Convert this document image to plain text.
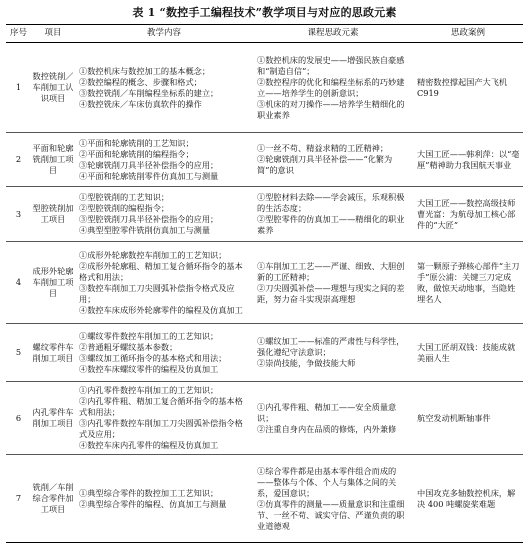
表 1 “数控手工编程技术”教学项目与对应的思政元素
序号	项目	教学内容	课程思政元素	思政案例
1	数控铣削／车削加工认识项目	①数控机床与数控加工的基本概念；
②数控编程的概念、步骤和格式；
③数控铣削／车削编程坐标系的建立；
④数控铣床／车床仿真软件的操作	①数控机床的发展史——增强民族自豪感和“制造自信”；
②数控程序的优化和编程坐标系的巧妙建立——培养学生的创新意识；
③机床的对刀操作——培养学生精细化的职业素养	精密数控撑起国产大飞机 C919
2	平面和轮廓铣削加工项目	①平面和轮廓铣削的工艺知识；
②平面和轮廓铣削的编程指令；
③轮廓铣削刀具半径补偿指令的应用；
④平面和轮廓铣削零件仿真加工与测量	①一丝不苟、精益求精的工匠精神；
②轮廓铣削刀具半径补偿——“化繁为简”的意识	大国工匠——韩利萍：以“毫厘”精神助力我国航天事业
3	型腔铣削加工项目	①型腔铣削的工艺知识；
②型腔铣削的编程指令；
③型腔铣削刀具半径补偿指令的应用；
④典型型腔零件铣削仿真加工与测量	①型腔材料去除——学会减压，乐观积极的生活态度；
②型腔零件的仿真加工——精细化的职业素养	大国工匠——数控高级技师曹光富：为航母加工核心部件的“大匠”
4	成形外轮廓车削加工项目	①成形外轮廓数控车削加工的工艺知识；
②成形外轮廓粗、精加工复合循环指令的基本格式和用法；
③数控车削加工刀尖圆弧补偿指令格式及应用；
④数控车床成形外轮廓零件的编程及仿真加工	①车削加工工艺——严谨、细致、大胆创新的工匠精神；
②刀尖圆弧补偿——理想与现实之间的差距，努力奋斗实现崇高理想	第一颗原子弹核心部件“主刀手”原公浦：关键三刀定成败，做惊天动地事，当隐姓埋名人
5	螺纹零件车削加工项目	①螺纹零件数控车削加工的工艺知识；
②普通粗牙螺纹基本参数；
③螺纹加工循环指令的基本格式和用法；
④数控车床螺纹零件的编程及仿真加工	①螺纹加工——标准的严肃性与科学性，强化遵纪守法意识；
②崇尚技能，争做技能大师	大国工匠胡双钱：技能成就美丽人生
6	内孔零件车削加工项目	①内孔零件数控车削加工的工艺知识；
②内孔零件粗、精加工复合循环指令的基本格式和用法；
③内孔零件数控车削加工刀尖圆弧补偿指令格式及应用；
④数控车床内孔零件的编程及仿真加工	①内孔零件粗、精加工——安全质量意识；
②注重自身内在品质的修炼，内外兼修	航空发动机断轴事件
7	铣削／车削综合零件加工项目	①典型综合零件的数控加工工艺知识；
②典型综合零件的编程、仿真加工与测量	①综合零件都是由基本零件组合而成的——整体与个体、个人与集体之间的关系，爱国意识；
②仿真零件的测量——质量意识和注重细节、一丝不苟、诚实守信、严谨负责的职业道德观	中国攻克多轴数控机床，解决 400 吨螺旋桨难题
